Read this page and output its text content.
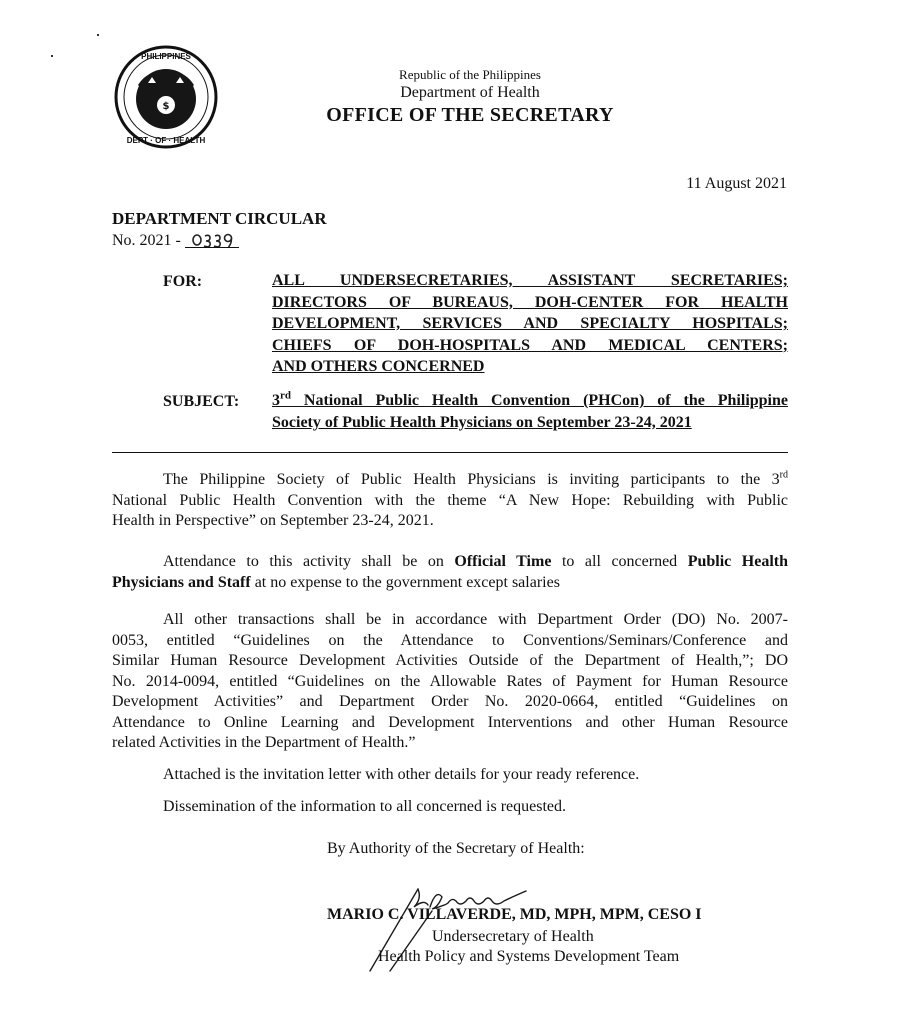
$
· PHILIPPINES ·
DEPT · OF · HEALTH
Republic of the Philippines
Department of Health
OFFICE OF THE SECRETARY
11 August 2021
DEPARTMENT CIRCULAR
No. 2021 -
FOR:	ALL UNDERSECRETARIES, ASSISTANT SECRETARIES;
DIRECTORS OF BUREAUS, DOH-CENTER FOR HEALTH
DEVELOPMENT, SERVICES AND SPECIALTY HOSPITALS;
CHIEFS OF DOH-HOSPITALS AND MEDICAL CENTERS;
AND OTHERS CONCERNED
SUBJECT: 3rd National Public Health Convention (PHCon) of the Philippine
Society of Public Health Physicians on September 23-24, 2021
The Philippine Society of Public Health Physicians is inviting participants to the 3rd
National Public Health Convention with the theme “A New Hope: Rebuilding with Public
Health in Perspective” on September 23-24, 2021.
Attendance to this activity shall be on Official Time to all concerned Public Health
Physicians and Staff at no expense to the government except salaries
All other transactions shall be in accordance with Department Order (DO) No. 2007-
0053, entitled “Guidelines on the Attendance to Conventions/Seminars/Conference and
Similar Human Resource Development Activities Outside of the Department of Health,”; DO
No. 2014-0094, entitled “Guidelines on the Allowable Rates of Payment for Human Resource
Development Activities” and Department Order No. 2020-0664, entitled “Guidelines on
Attendance to Online Learning and Development Interventions and other Human Resource
related Activities in the Department of Health.”
Attached is the invitation letter with other details for your ready reference.
Dissemination of the information to all concerned is requested.
By Authority of the Secretary of Health:
MARIO C. VILLAVERDE, MD, MPH, MPM, CESO I
Undersecretary of Health
Health Policy and Systems Development Team
